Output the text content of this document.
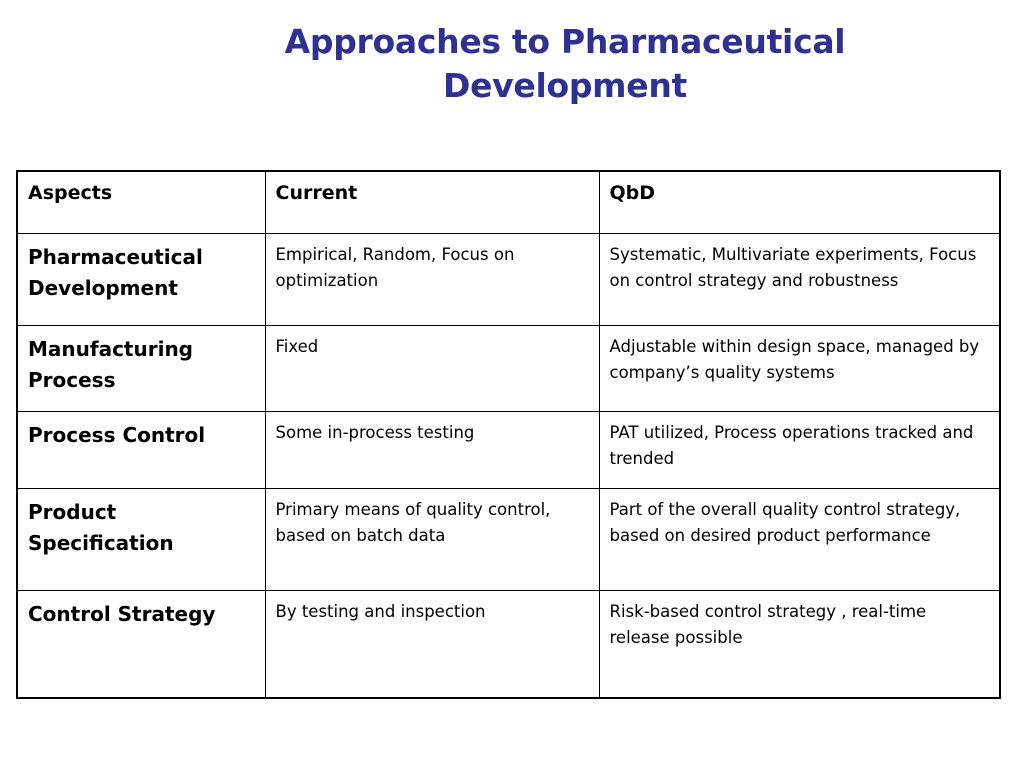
Approaches to Pharmaceutical
Development
Aspects	Current	QbD
Pharmaceutical Development	Empirical, Random, Focus on optimization	Systematic, Multivariate experiments, Focus on control strategy and robustness
Manufacturing Process	Fixed	Adjustable within design space, managed by company’s quality systems
Process Control	Some in-process testing	PAT utilized, Process operations tracked and trended
Product Specification	Primary means of quality control, based on batch data	Part of the overall quality control strategy, based on desired product performance
Control Strategy	By testing and inspection	Risk-based control strategy , real-time release possible
